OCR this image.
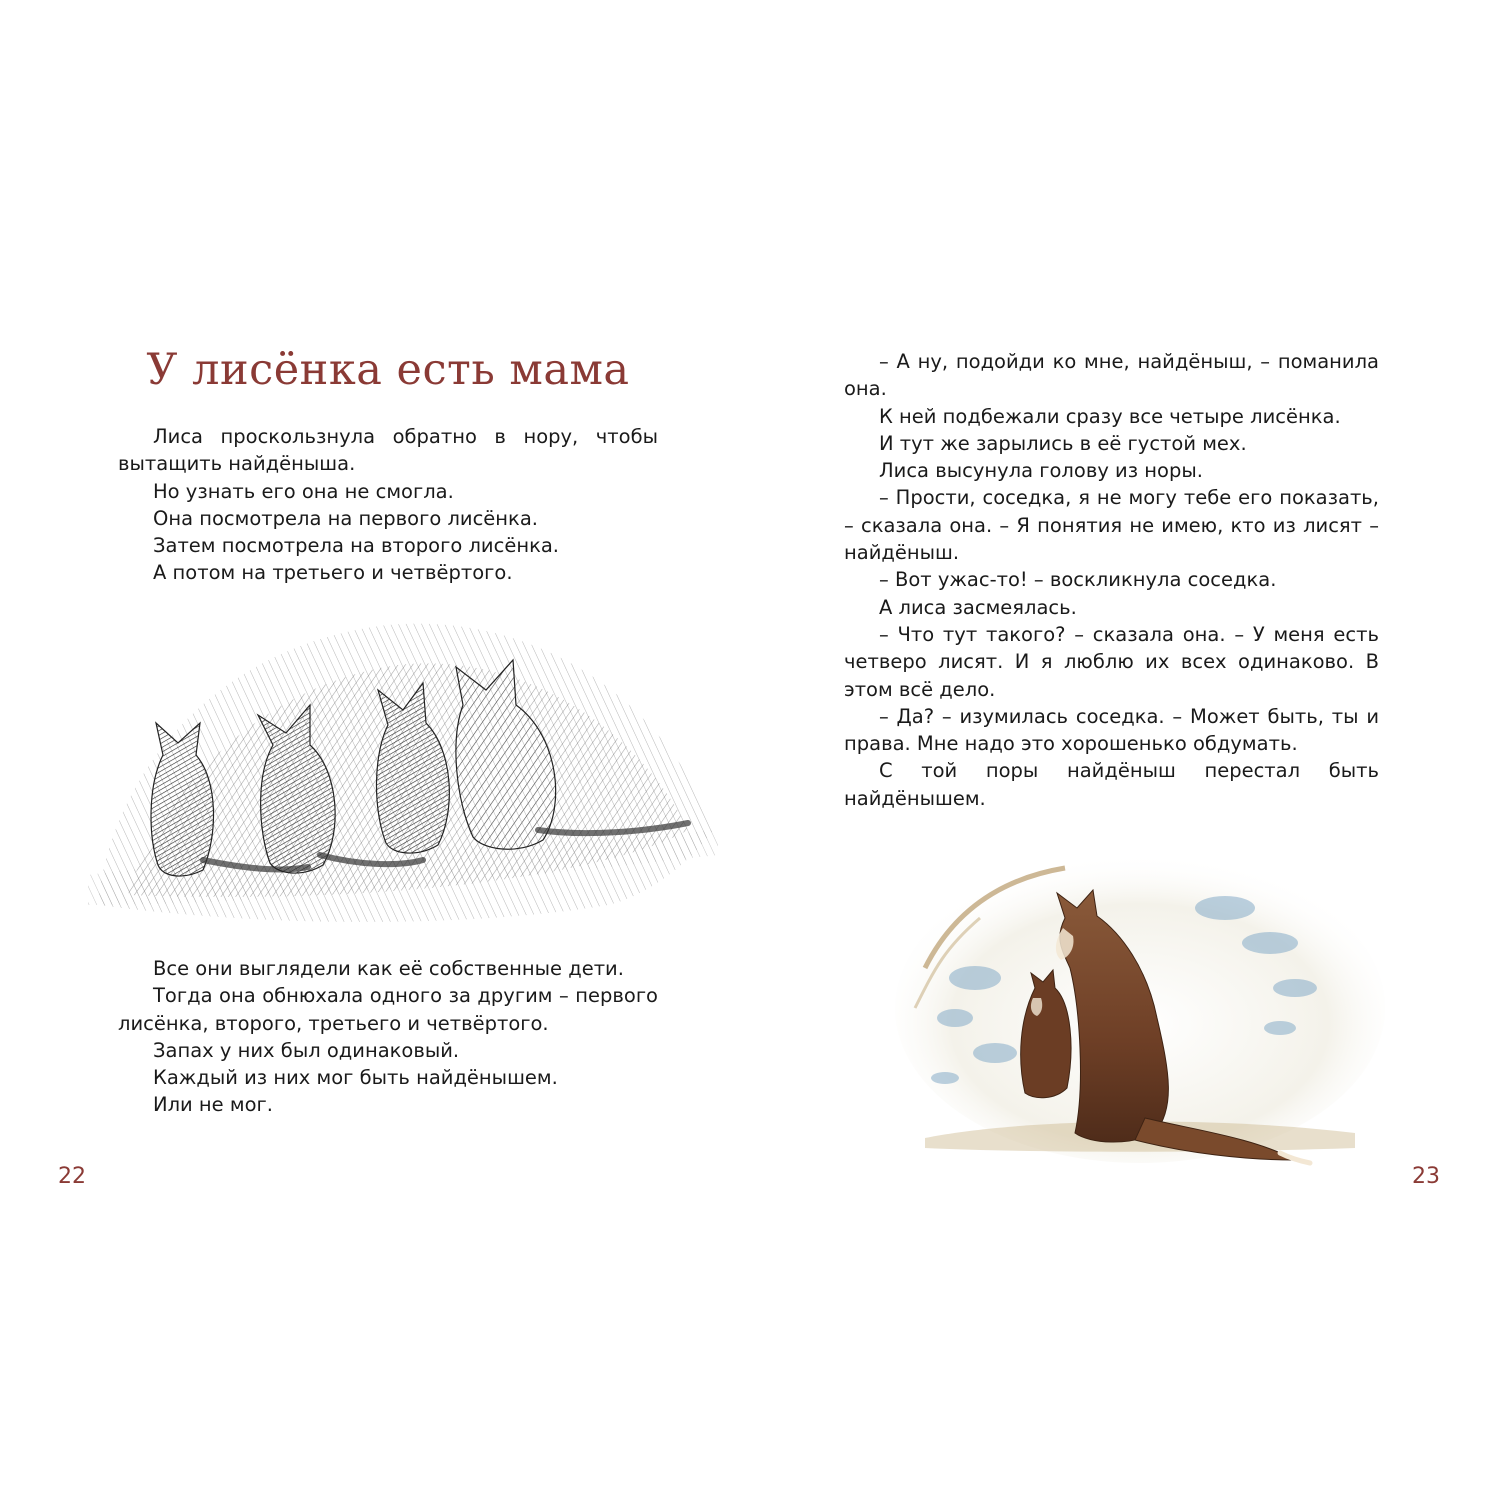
У лисёнка есть мама

Лиса проскользнула обратно в нору, чтобы вытащить найдёныша.

Но узнать его она не смогла.

Она посмотрела на первого лисёнка.

Затем посмотрела на второго лисёнка.

А потом на третьего и четвёртого.

Все они выглядели как её собственные дети.

Тогда она обнюхала одного за другим – первого лисёнка, второго, третьего и четвёртого.

Запах у них был одинаковый.

Каждый из них мог быть найдёнышем.

Или не мог.

22

– А ну, подойди ко мне, найдёныш, – поманила она.

К ней подбежали сразу все четыре лисёнка.

И тут же зарылись в её густой мех.

Лиса высунула голову из норы.

– Прости, соседка, я не могу тебе его показать, – сказала она. – Я понятия не имею, кто из лисят – найдёныш.

– Вот ужас-то! – воскликнула соседка.

А лиса засмеялась.

– Что тут такого? – сказала она. – У меня есть четверо лисят. И я люблю их всех одинаково. В этом всё дело.

– Да? – изумилась соседка. – Может быть, ты и права. Мне надо это хорошенько обдумать.

С той поры найдёныш перестал быть найдёнышем.

23
